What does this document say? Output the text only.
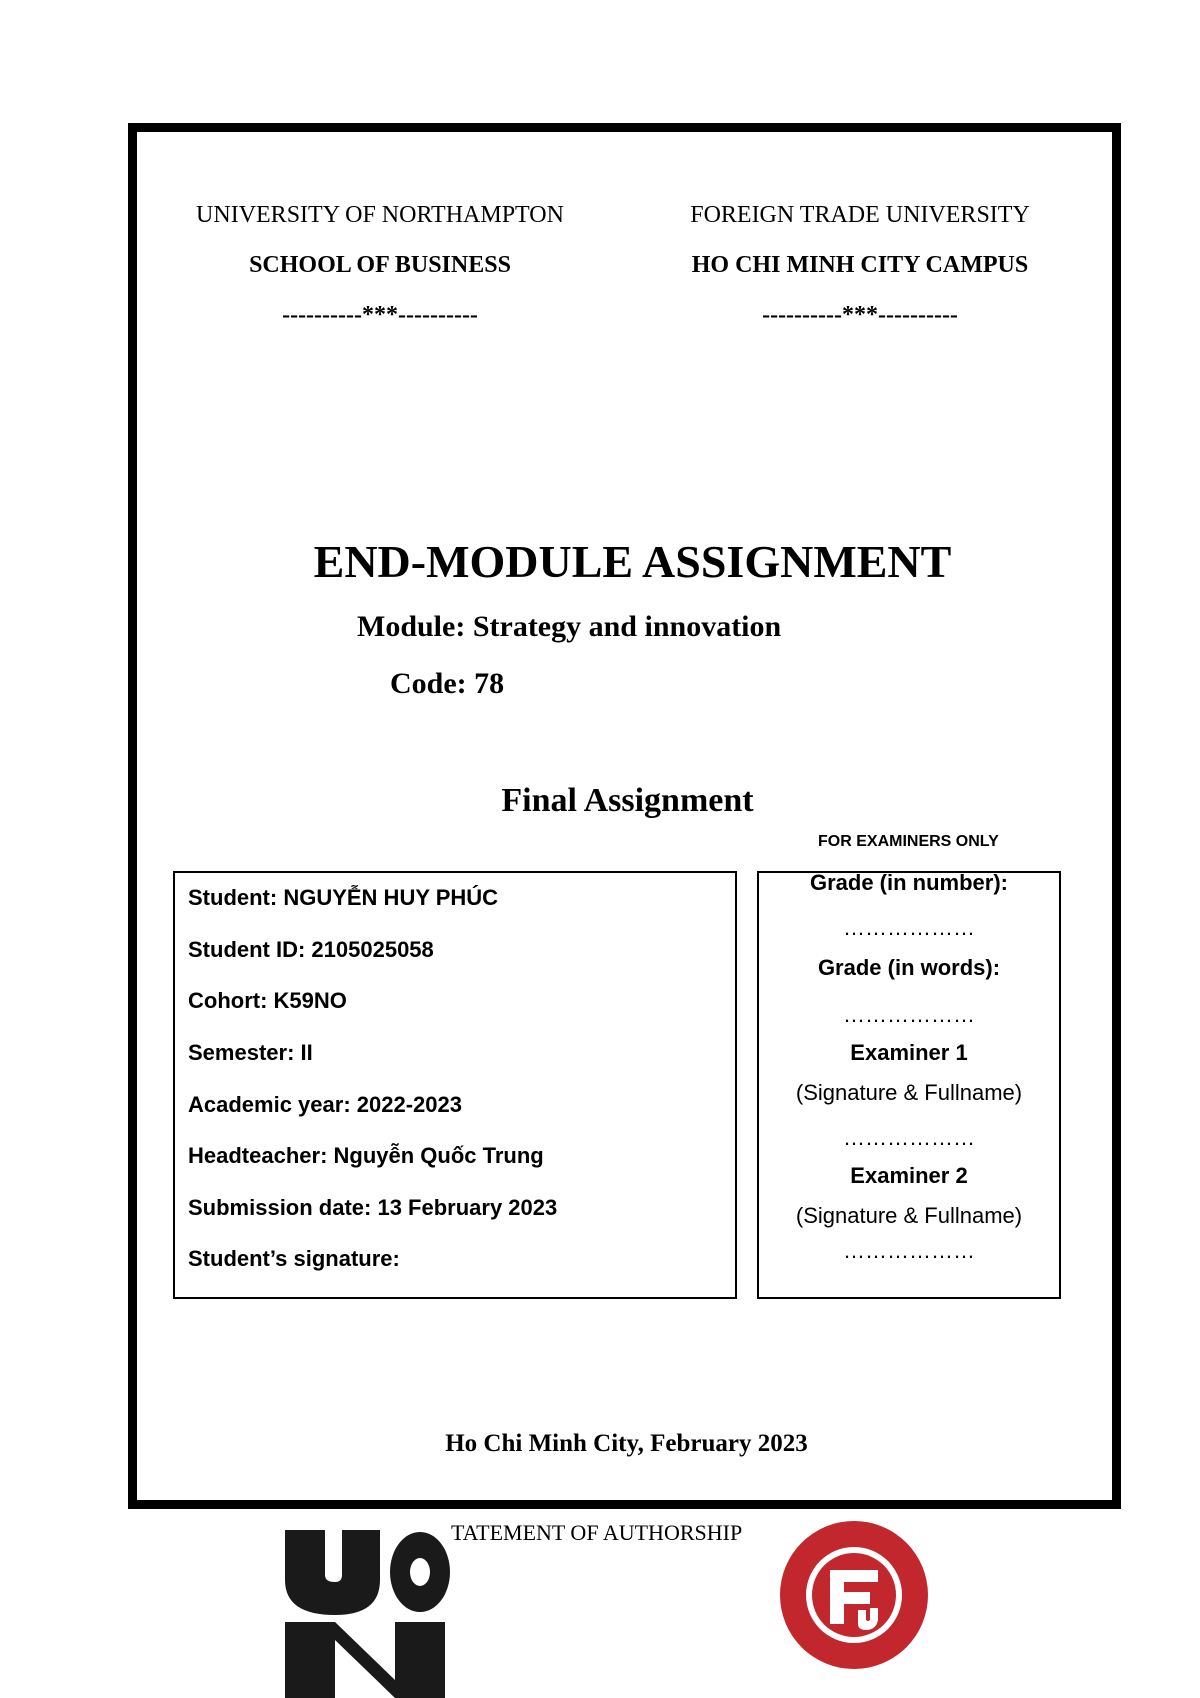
UNIVERSITY OF NORTHAMPTON
SCHOOL OF BUSINESS
----------***----------
FOREIGN TRADE UNIVERSITY
HO CHI MINH CITY CAMPUS
----------***----------
END-MODULE ASSIGNMENT
Module: Strategy and innovation
Code: 78
Final Assignment
FOR EXAMINERS ONLY
Student: NGUYỄN HUY PHÚC
Student ID: 2105025058
Cohort: K59NO
Semester: II
Academic year: 2022-2023
Headteacher: Nguyễn Quốc Trung
Submission date: 13 February 2023
Student’s signature:
Grade (in number):
………………
Grade (in words):
………………
Examiner 1
(Signature & Fullname)
………………
Examiner 2
(Signature & Fullname)
………………
Ho Chi Minh City, February 2023
TATEMENT OF AUTHORSHIP
